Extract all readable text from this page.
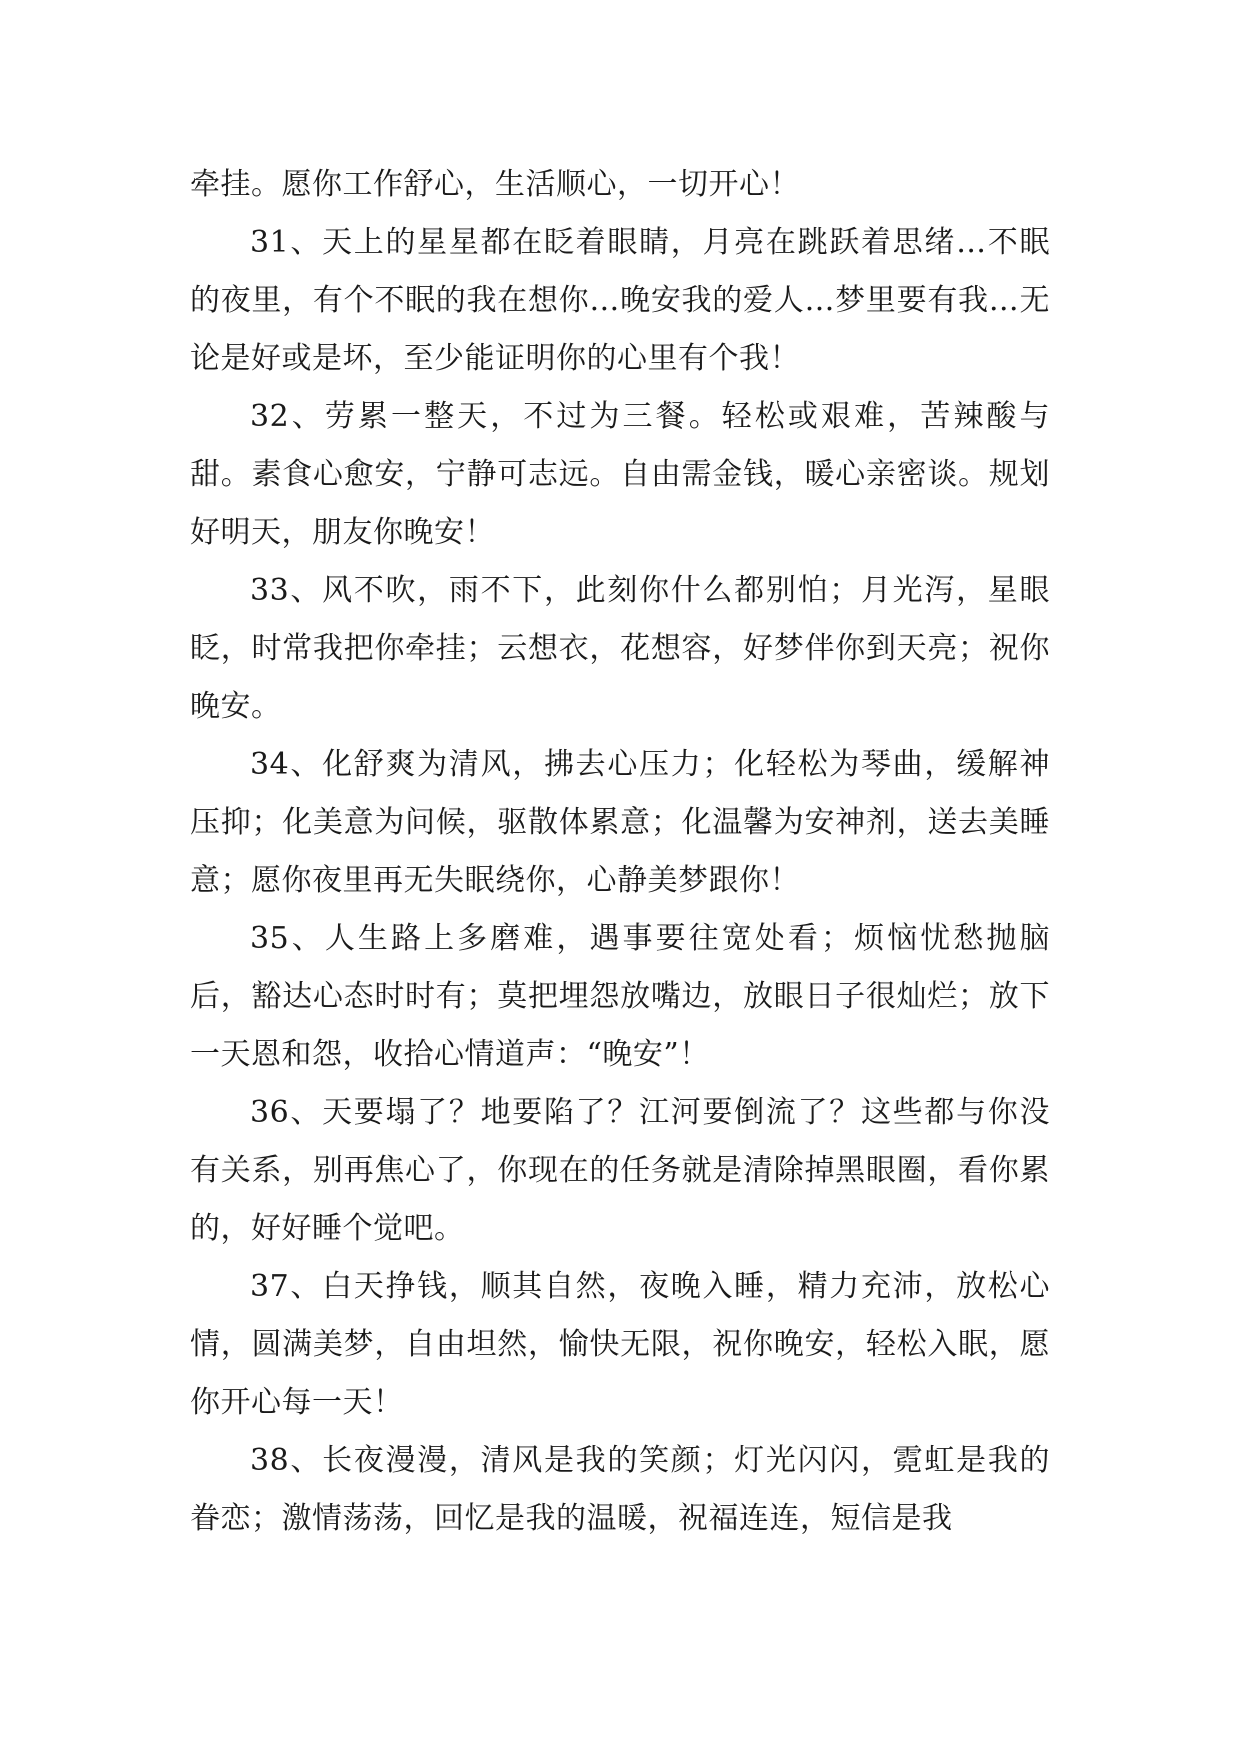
牵挂。愿你工作舒心，生活顺心，一切开心！

31、天上的星星都在眨着眼睛，月亮在跳跃着思绪…不眠的夜里，有个不眠的我在想你…晚安我的爱人…梦里要有我…无论是好或是坏，至少能证明你的心里有个我！

32、劳累一整天，不过为三餐。轻松或艰难，苦辣酸与甜。素食心愈安，宁静可志远。自由需金钱，暖心亲密谈。规划好明天，朋友你晚安！

33、风不吹，雨不下，此刻你什么都别怕；月光泻，星眼眨，时常我把你牵挂；云想衣，花想容，好梦伴你到天亮；祝你晚安。

34、化舒爽为清风，拂去心压力；化轻松为琴曲，缓解神压抑；化美意为问候，驱散体累意；化温馨为安神剂，送去美睡意；愿你夜里再无失眠绕你，心静美梦跟你！

35、人生路上多磨难，遇事要往宽处看；烦恼忧愁抛脑后，豁达心态时时有；莫把埋怨放嘴边，放眼日子很灿烂；放下一天恩和怨，收拾心情道声：“晚安”！

36、天要塌了？地要陷了？江河要倒流了？这些都与你没有关系，别再焦心了，你现在的任务就是清除掉黑眼圈，看你累的，好好睡个觉吧。

37、白天挣钱，顺其自然，夜晚入睡，精力充沛，放松心情，圆满美梦，自由坦然，愉快无限，祝你晚安，轻松入眠，愿你开心每一天！

38、长夜漫漫，清风是我的笑颜；灯光闪闪，霓虹是我的眷恋；激情荡荡，回忆是我的温暖，祝福连连，短信是我
